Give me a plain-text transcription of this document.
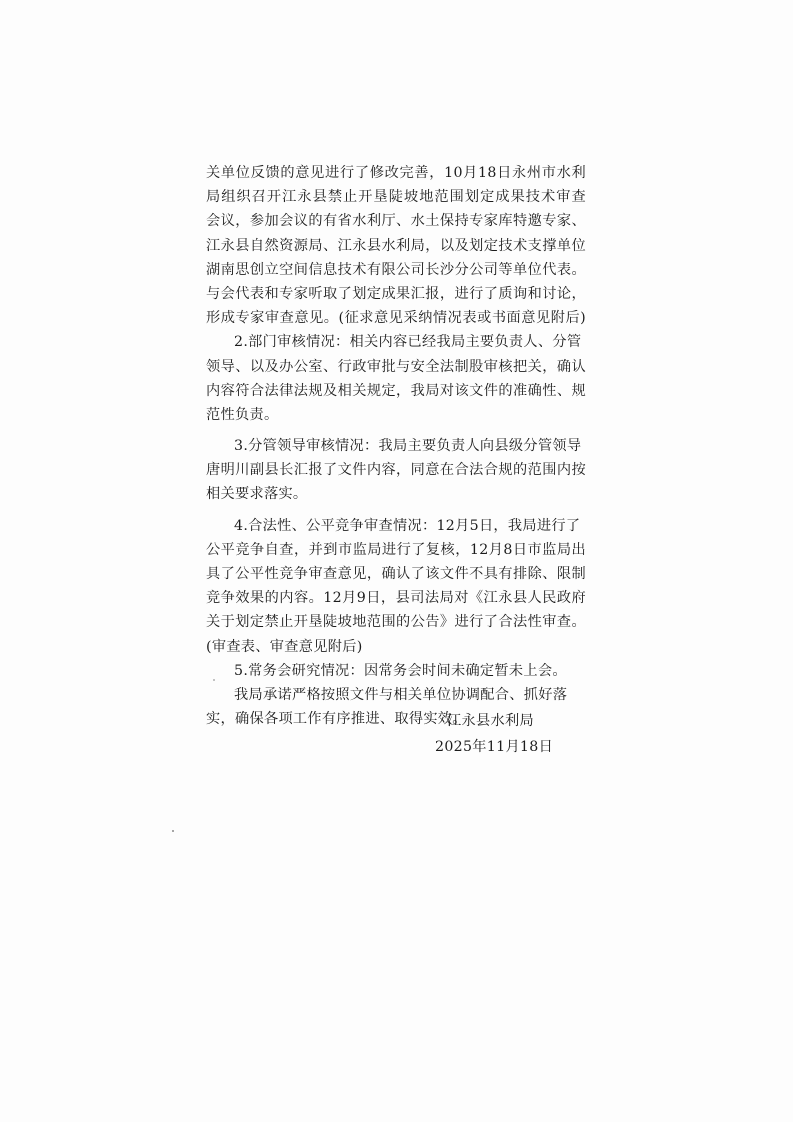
关单位反馈的意见进行了修改完善，10月18日永州市水利
局组织召开江永县禁止开垦陡坡地范围划定成果技术审查
会议，参加会议的有省水利厅、水土保持专家库特邀专家、
江永县自然资源局、江永县水利局，以及划定技术支撑单位
湖南思创立空间信息技术有限公司长沙分公司等单位代表。
与会代表和专家听取了划定成果汇报，进行了质询和讨论，
形成专家审查意见。(征求意见采纳情况表或书面意见附后)
2.部门审核情况：相关内容已经我局主要负责人、分管
领导、以及办公室、行政审批与安全法制股审核把关，确认
内容符合法律法规及相关规定，我局对该文件的准确性、规
范性负责。
3.分管领导审核情况：我局主要负责人向县级分管领导
唐明川副县长汇报了文件内容，同意在合法合规的范围内按
相关要求落实。
4.合法性、公平竞争审查情况：12月5日，我局进行了
公平竞争自查，并到市监局进行了复核，12月8日市监局出
具了公平性竞争审查意见，确认了该文件不具有排除、限制
竞争效果的内容。12月9日，县司法局对《江永县人民政府
关于划定禁止开垦陡坡地范围的公告》进行了合法性审查。
(审查表、审查意见附后)
5.常务会研究情况：因常务会时间未确定暂未上会。
我局承诺严格按照文件与相关单位协调配合、抓好落
实，确保各项工作有序推进、取得实效。
江永县水利局
2025年11月18日
